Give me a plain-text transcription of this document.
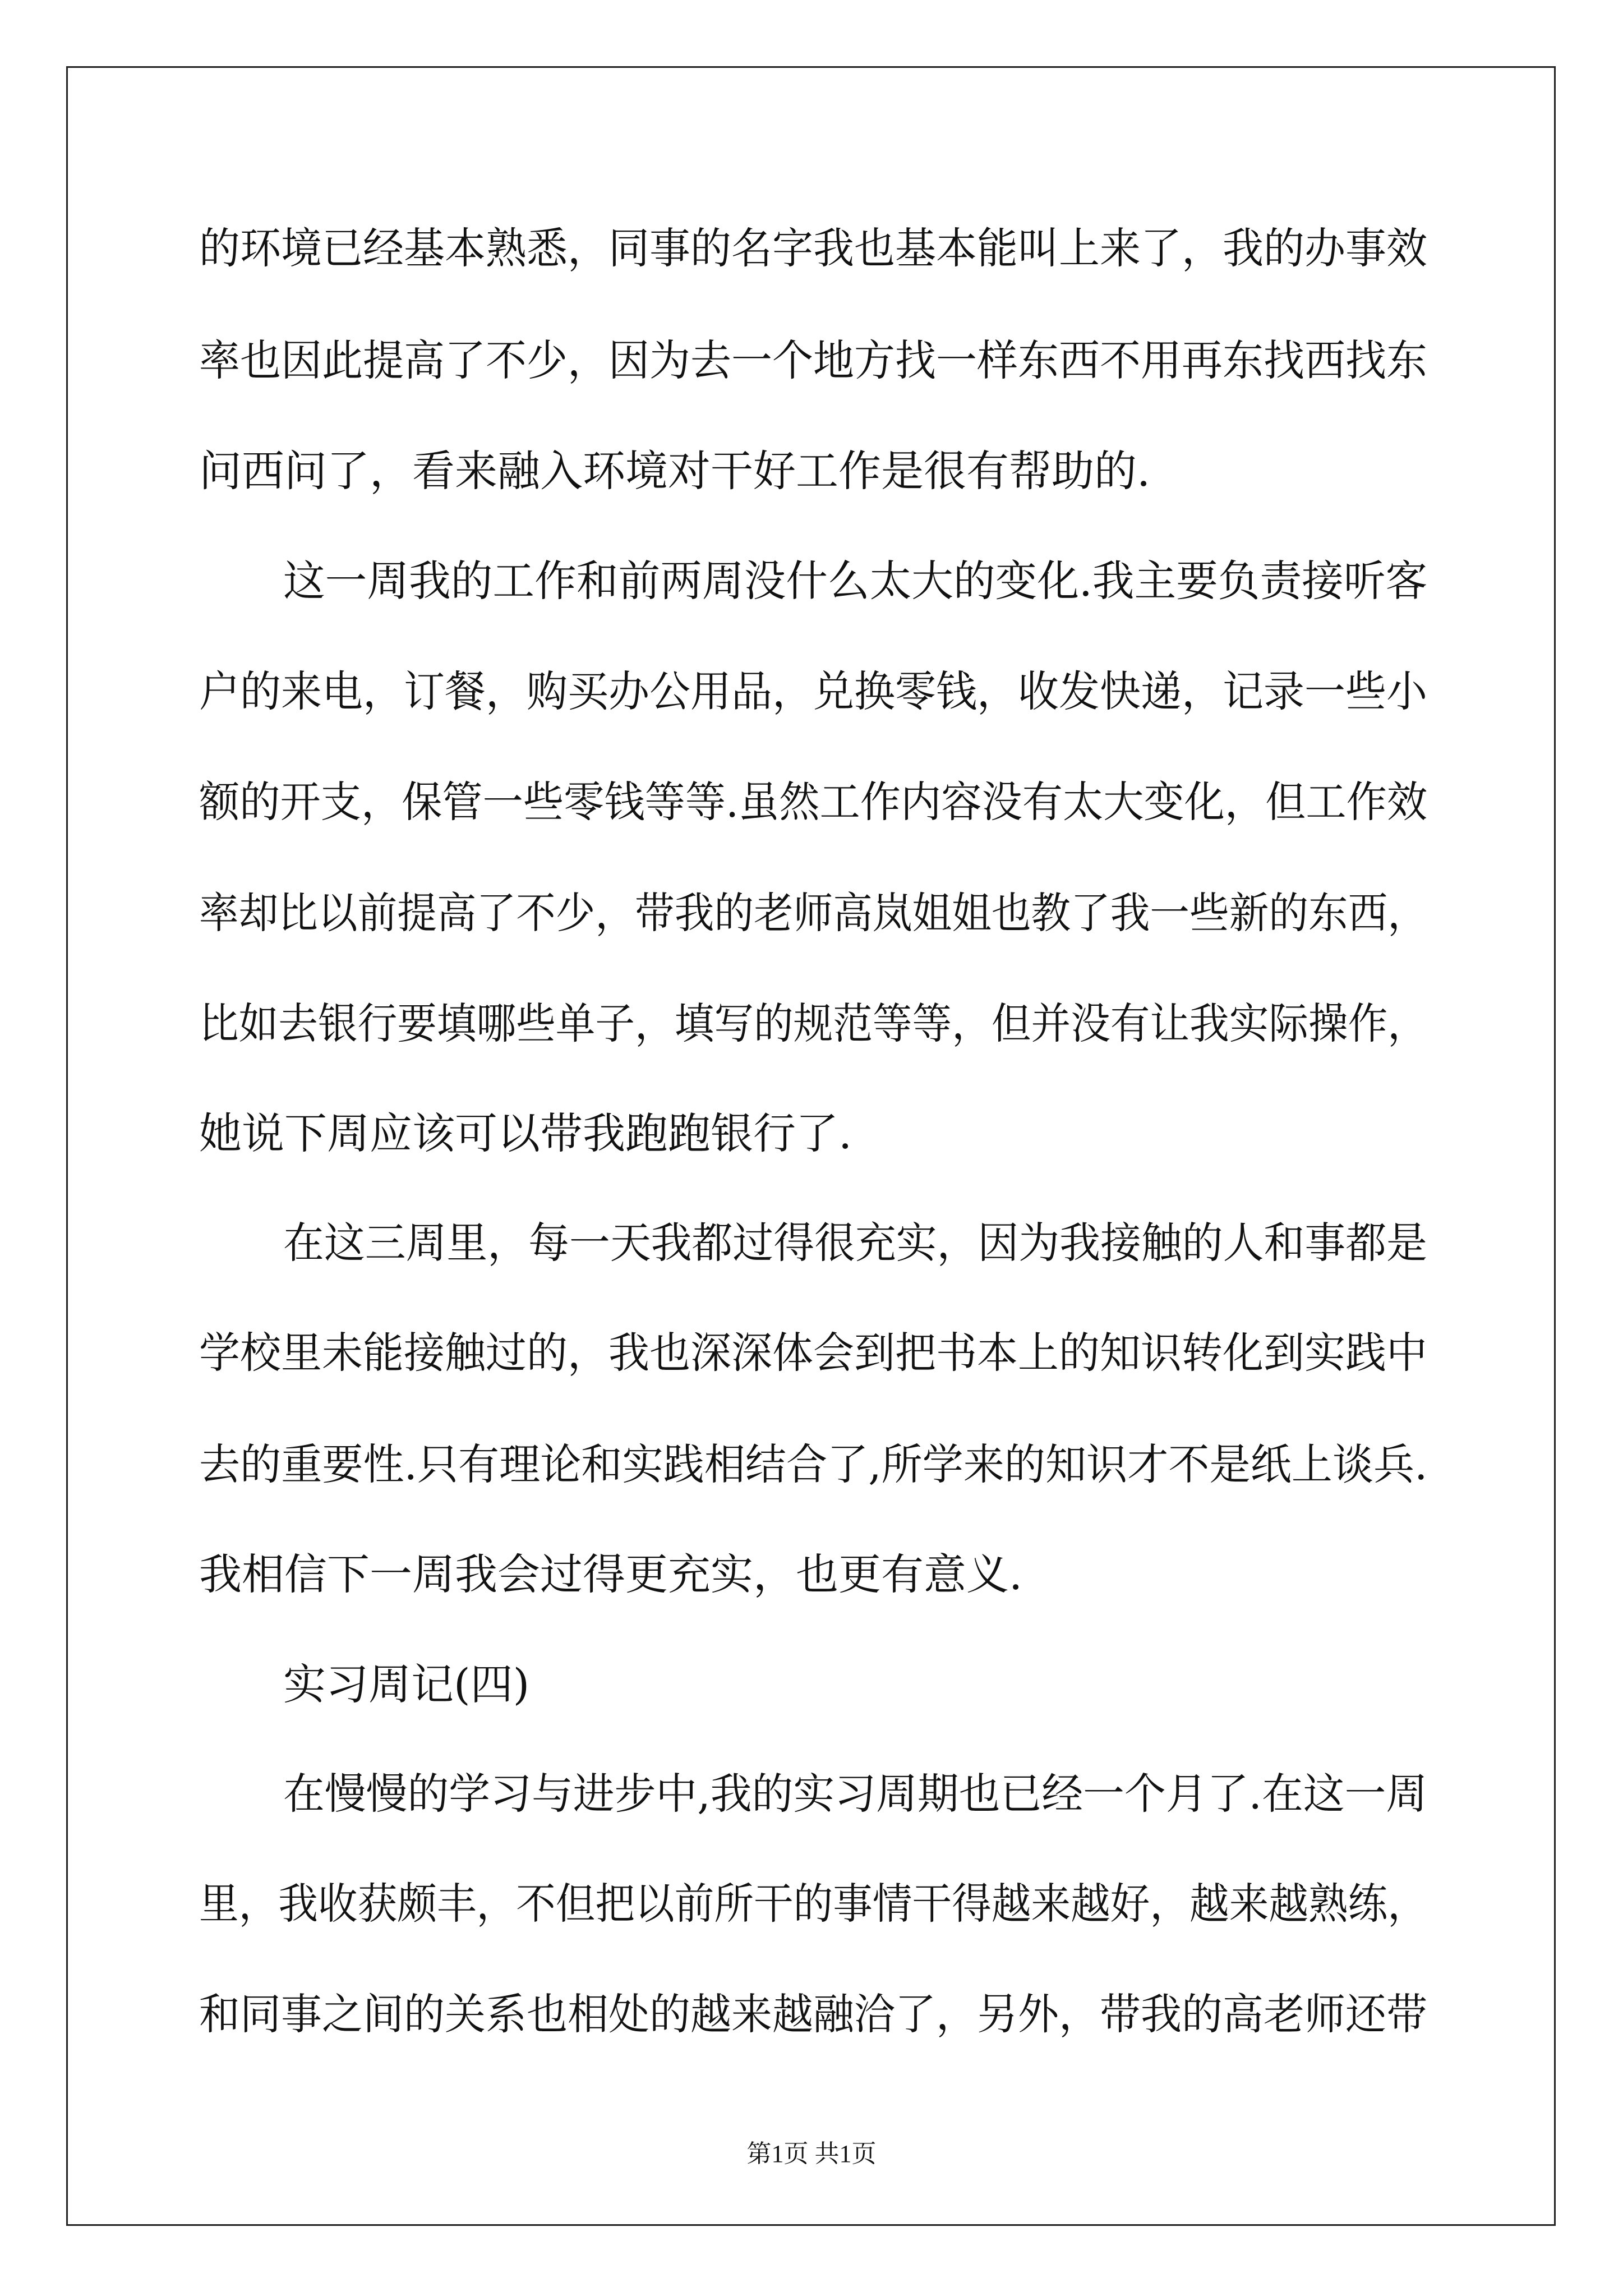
的环境已经基本熟悉，同事的名字我也基本能叫上来了，我的办事效

率也因此提高了不少，因为去一个地方找一样东西不用再东找西找东

问西问了，看来融入环境对干好工作是很有帮助的.

这一周我的工作和前两周没什么太大的变化.我主要负责接听客

户的来电，订餐，购买办公用品，兑换零钱，收发快递，记录一些小

额的开支，保管一些零钱等等.虽然工作内容没有太大变化，但工作效

率却比以前提高了不少，带我的老师高岚姐姐也教了我一些新的东西，

比如去银行要填哪些单子，填写的规范等等，但并没有让我实际操作，

她说下周应该可以带我跑跑银行了.

在这三周里，每一天我都过得很充实，因为我接触的人和事都是

学校里未能接触过的，我也深深体会到把书本上的知识转化到实践中

去的重要性.只有理论和实践相结合了,所学来的知识才不是纸上谈兵.

我相信下一周我会过得更充实，也更有意义.

实习周记(四)

在慢慢的学习与进步中,我的实习周期也已经一个月了.在这一周

里，我收获颇丰，不但把以前所干的事情干得越来越好，越来越熟练，

和同事之间的关系也相处的越来越融洽了，另外，带我的高老师还带

第1页 共1页
